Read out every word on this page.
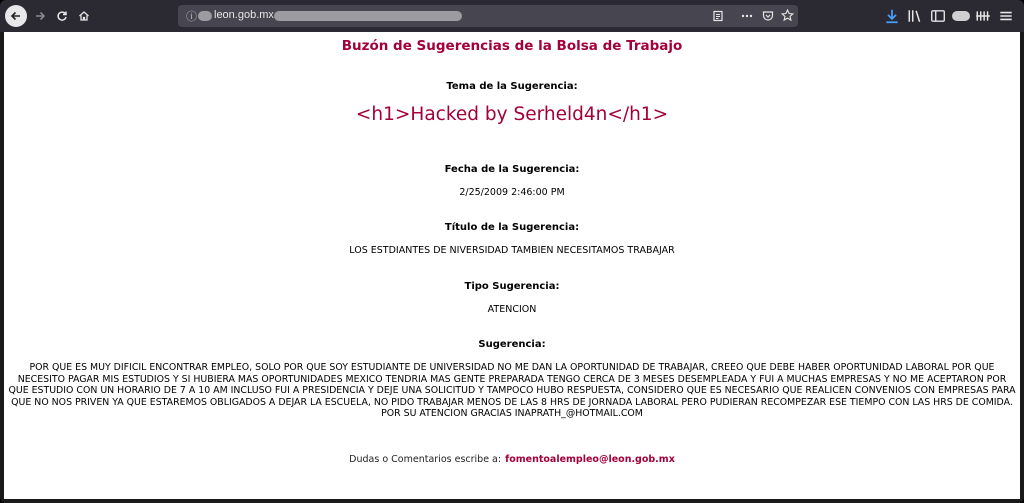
ⓘ leon.gob.mx
Buzón de Sugerencias de la Bolsa de Trabajo
Tema de la Sugerencia:
<h1>Hacked by Serheld4n</h1>
Fecha de la Sugerencia:
2/25/2009 2:46:00 PM
Título de la Sugerencia:
LOS ESTDIANTES DE NIVERSIDAD TAMBIEN NECESITAMOS TRABAJAR
Tipo Sugerencia:
ATENCION
Sugerencia:
POR QUE ES MUY DIFICIL ENCONTRAR EMPLEO, SOLO POR QUE SOY ESTUDIANTE DE UNIVERSIDAD NO ME DAN LA OPORTUNIDAD DE TRABAJAR, CREEO QUE DEBE HABER OPORTUNIDAD LABORAL POR QUE NECESITO PAGAR MIS ESTUDIOS Y SI HUBIERA MAS OPORTUNIDADES MEXICO TENDRIA MAS GENTE PREPARADA TENGO CERCA DE 3 MESES DESEMPLEADA Y FUI A MUCHAS EMPRESAS Y NO ME ACEPTARON POR QUE ESTUDIO CON UN HORARIO DE 7 A 10 AM INCLUSO FUI A PRESIDENCIA Y DEJE UNA SOLICITUD Y TAMPOCO HUBO RESPUESTA, CONSIDERO QUE ES NECESARIO QUE REALICEN CONVENIOS CON EMPRESAS PARA QUE NO NOS PRIVEN YA QUE ESTAREMOS OBLIGADOS A DEJAR LA ESCUELA, NO PIDO TRABAJAR MENOS DE LAS 8 HRS DE JORNADA LABORAL PERO PUDIERAN RECOMPEZAR ESE TIEMPO CON LAS HRS DE COMIDA. POR SU ATENCION GRACIAS INAPRATH_@HOTMAIL.COM
Dudas o Comentarios escribe a: fomentoalempleo@leon.gob.mx
